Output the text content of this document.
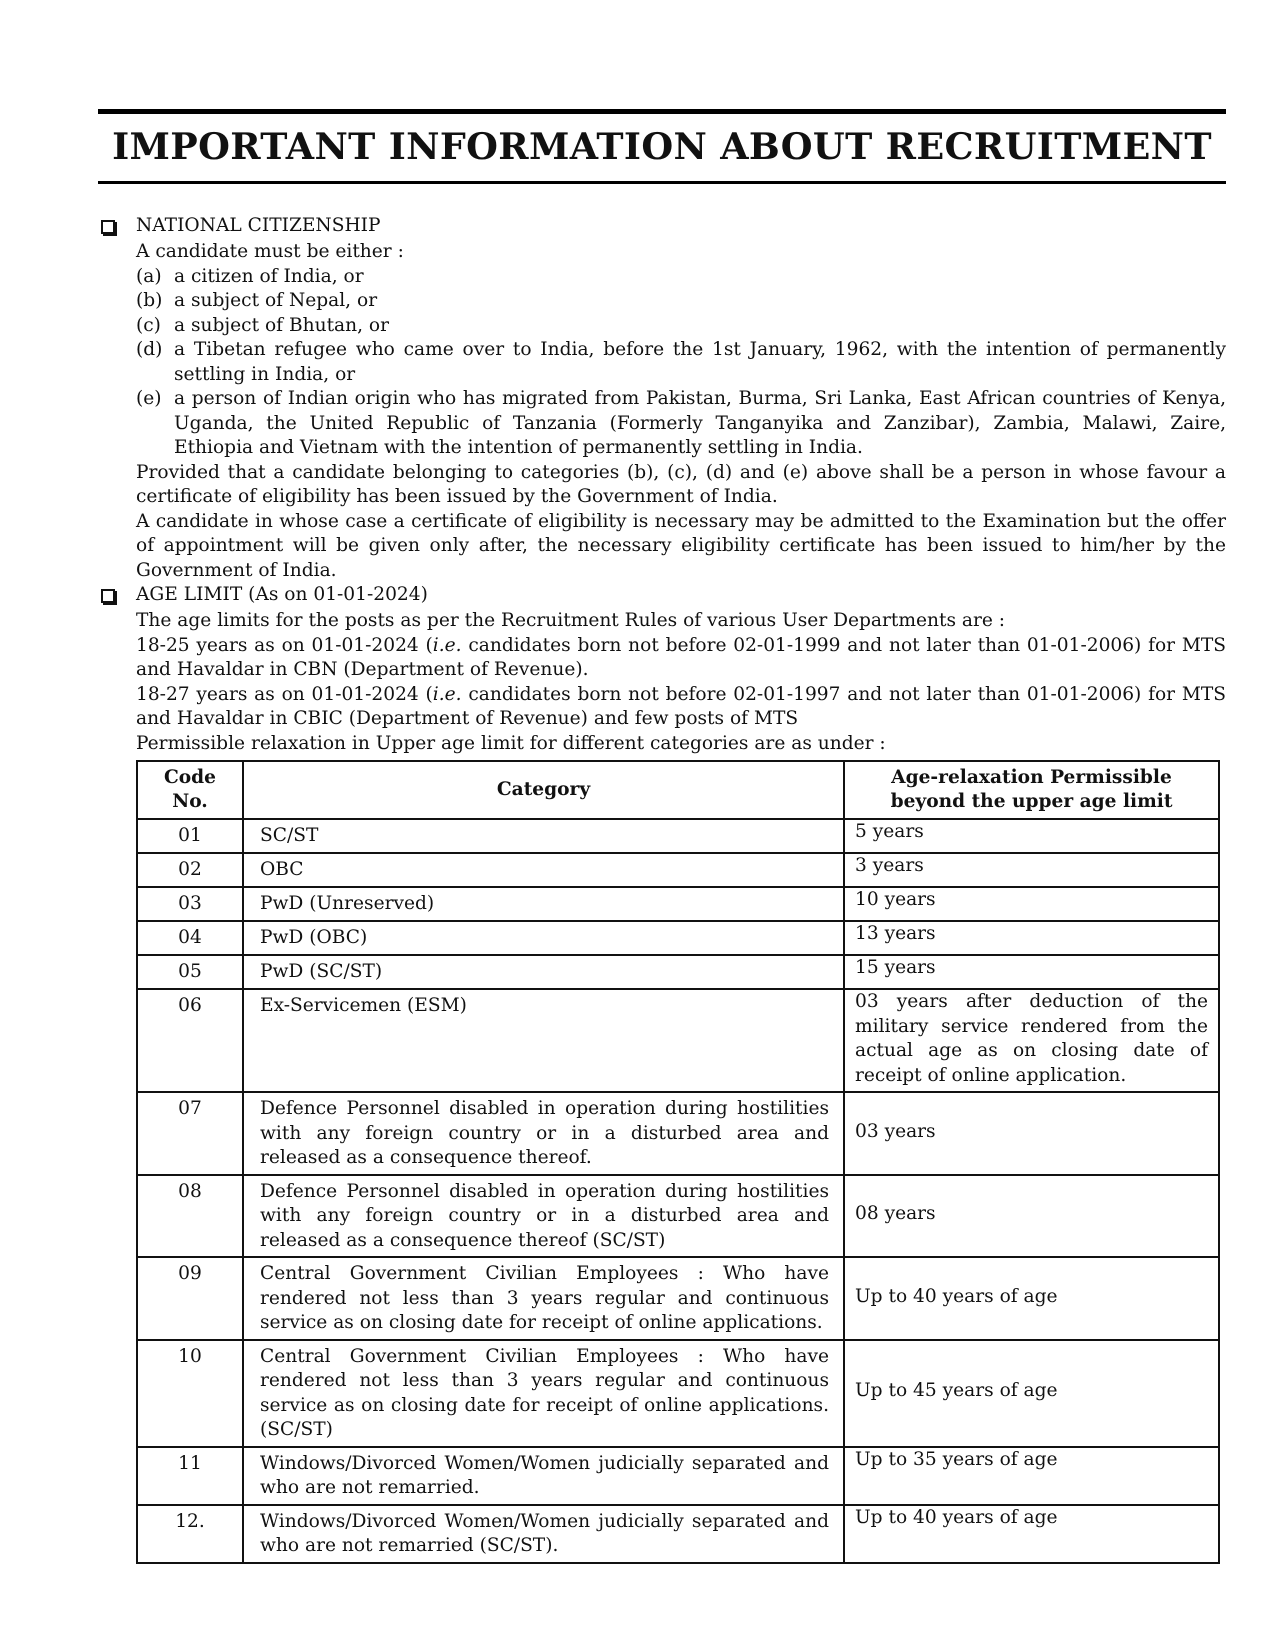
IMPORTANT INFORMATION ABOUT RECRUITMENT
NATIONAL CITIZENSHIP
A candidate must be either :
(a) a citizen of India, or
(b) a subject of Nepal, or
(c) a subject of Bhutan, or
(d) a Tibetan refugee who came over to India, before the 1st January, 1962, with the intention of permanently settling in India, or
(e) a person of Indian origin who has migrated from Pakistan, Burma, Sri Lanka, East African countries of Kenya, Uganda, the United Republic of Tanzania (Formerly Tanganyika and Zanzibar), Zambia, Malawi, Zaire, Ethiopia and Vietnam with the intention of permanently settling in India.
Provided that a candidate belonging to categories (b), (c), (d) and (e) above shall be a person in whose favour a certificate of eligibility has been issued by the Government of India.
A candidate in whose case a certificate of eligibility is necessary may be admitted to the Examination but the offer of appointment will be given only after, the necessary eligibility certificate has been issued to him/her by the Government of India.
AGE LIMIT (As on 01-01-2024)
The age limits for the posts as per the Recruitment Rules of various User Departments are :
18-25 years as on 01-01-2024 (i.e. candidates born not before 02-01-1999 and not later than 01-01-2006) for MTS and Havaldar in CBN (Department of Revenue).
18-27 years as on 01-01-2024 (i.e. candidates born not before 02-01-1997 and not later than 01-01-2006) for MTS and Havaldar in CBIC (Department of Revenue) and few posts of MTS
Permissible relaxation in Upper age limit for different categories are as under :
Code No.	Category	Age-relaxation Permissible beyond the upper age limit
01	SC/ST	5 years
02	OBC	3 years
03	PwD (Unreserved)	10 years
04	PwD (OBC)	13 years
05	PwD (SC/ST)	15 years
06	Ex-Servicemen (ESM)	03 years after deduction of the military service rendered from the actual age as on closing date of receipt of online application.
07	Defence Personnel disabled in operation during hostilities with any foreign country or in a disturbed area and released as a consequence thereof.	03 years
08	Defence Personnel disabled in operation during hostilities with any foreign country or in a disturbed area and released as a consequence thereof (SC/ST)	08 years
09	Central Government Civilian Employees : Who have rendered not less than 3 years regular and continuous service as on closing date for receipt of online applications.	Up to 40 years of age
10	Central Government Civilian Employees : Who have rendered not less than 3 years regular and continuous service as on closing date for receipt of online applications. (SC/ST)	Up to 45 years of age
11	Windows/Divorced Women/Women judicially separated and who are not remarried.	Up to 35 years of age
12.	Windows/Divorced Women/Women judicially separated and who are not remarried (SC/ST).	Up to 40 years of age
